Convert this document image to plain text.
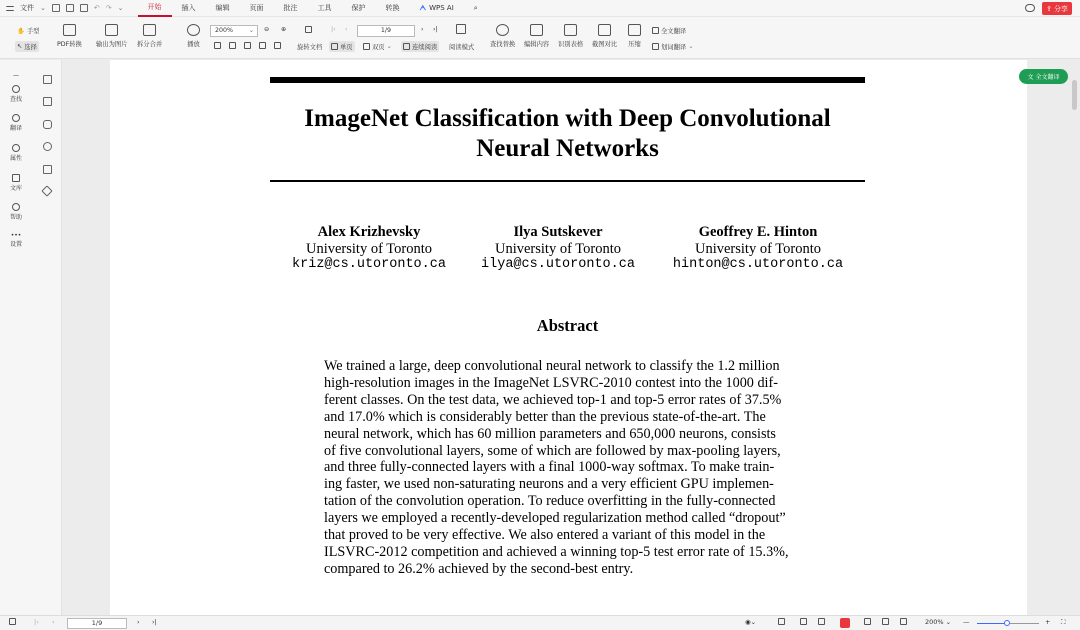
文件 ⌄	↶ ↷ ⌄	开始	插入	编辑	页面	批注	工具	保护	转换	ᗅ WPS AI	⌕	⇪ 分享
✋ 手型
↖ 选择	PDF转换 输出为图片 拆分合并	播放
200% ⌄ ⊖ ⊕	|‹ ‹	1/9	› ›|
旋转文档	单页	双页 ⌄	连续阅读 阅读模式	查找替换 编辑内容 识别表格 截图对比 压缩
全文翻译
划词翻译 ⌄
—
查找
翻译
属性
文库
帮助
•••
设置
ImageNet Classification with Deep Convolutional
Neural Networks
Alex Krizhevsky
University of Toronto
kriz@cs.utoronto.ca
Ilya Sutskever
University of Toronto
ilya@cs.utoronto.ca
Geoffrey E. Hinton
University of Toronto
hinton@cs.utoronto.ca
Abstract
We trained a large, deep convolutional neural network to classify the 1.2 million
high-resolution images in the ImageNet LSVRC-2010 contest into the 1000 dif-
ferent classes. On the test data, we achieved top-1 and top-5 error rates of 37.5%
and 17.0% which is considerably better than the previous state-of-the-art. The
neural network, which has 60 million parameters and 650,000 neurons, consists
of five convolutional layers, some of which are followed by max-pooling layers,
and three fully-connected layers with a final 1000-way softmax. To make train-
ing faster, we used non-saturating neurons and a very efficient GPU implemen-
tation of the convolution operation. To reduce overfitting in the fully-connected
layers we employed a recently-developed regularization method called “dropout”
that proved to be very effective. We also entered a variant of this model in the
ILSVRC-2012 competition and achieved a winning top-5 test error rate of 15.3%,
compared to 26.2% achieved by the second-best entry.
文 全文翻译
|‹ ‹	1/9	› ›|	◉⌄	200% ⌄ —	+ ⛶
